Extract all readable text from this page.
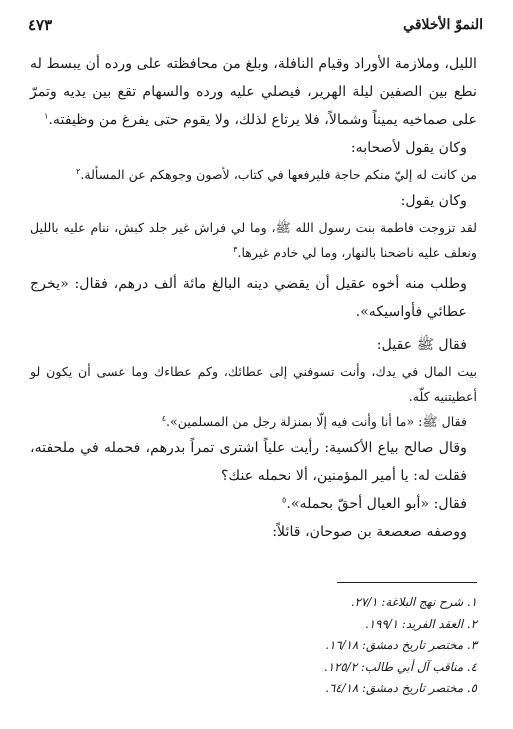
النموّ الأخلاقي
٤٧٣

الليل، وملازمة الأوراد وقيام النافلة، وبلغ من محافظته على ورده أن يبسط له نطع بين الصفين ليلة الهرير، فيصلي عليه ورده والسهام تقع بين يديه وتمرّ على صماخيه يميناً وشمالاً، فلا يرتاع لذلك، ولا يقوم حتى يفرغ من وظيفته.$^١$

وكان يقول لأصحابه:

من كانت له إليّ منكم حاجة فليرفعها في كتاب، لأصون وجوهكم عن المسألة.$^٢$

وكان يقول:

لقد تزوجت فاطمة بنت رسول الله ﷺ، وما لي فراش غير جلد كبش، ننام عليه بالليل ونعلف عليه ناضحنا بالنهار، وما لي خادم غيرها.$^٣$

وطلب منه أخوه عقيل أن يقضي دينه البالغ مائة ألف درهم، فقال: «يخرج عطائي فأواسيكه».

فقال ﷺ عقيل:

بيت المال في يدك، وأنت تسوفني إلى عطائك، وكم عطاءك وما عسى أن يكون لو أعطيتنيه كلّه.

فقال ﷺ: «ما أنا وأنت فيه إلّا بمنزلة رجل من المسلمين».$^٤$

وقال صالح بياع الأكسية: رأيت علياً اشترى تمراً بدرهم، فحمله في ملحفته، فقلت له: يا أمير المؤمنين، ألا نحمله عنك؟

فقال: «أبو العيال أحقّ بحمله».$^٥$

ووصفه صعصعة بن صوحان، قائلاً:

١. شرح نهج البلاغة: ٢٧/١.
٢. العقد الفريد: ١٩٩/١.
٣. مختصر تاريخ دمشق: ١٦/١٨.
٤. مناقب آل أبي طالب: ١٢٥/٢.
٥. مختصر تاريخ دمشق: ٦٤/١٨.
